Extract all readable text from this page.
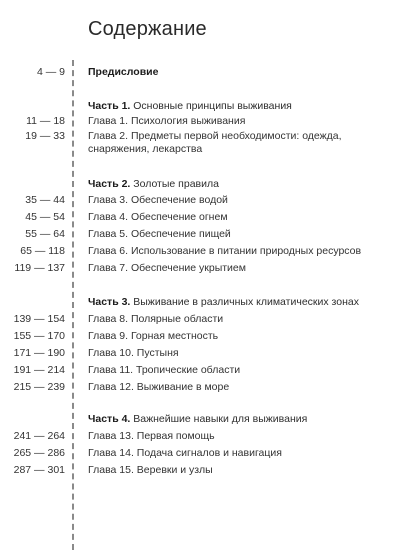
Содержание
4 — 9 Предисловие
Часть 1. Основные принципы выживания
11 — 18 Глава 1. Психология выживания
19 — 33 Глава 2. Предметы первой необходимости: одежда, снаряжения, лекарства
Часть 2. Золотые правила
35 — 44 Глава 3. Обеспечение водой
45 — 54 Глава 4. Обеспечение огнем
55 — 64 Глава 5. Обеспечение пищей
65 — 118 Глава 6. Использование в питании природных ресурсов
119 — 137 Глава 7. Обеспечение укрытием
Часть 3. Выживание в различных климатических зонах
139 — 154 Глава 8. Полярные области
155 — 170 Глава 9. Горная местность
171 — 190 Глава 10. Пустыня
191 — 214 Глава 11. Тропические области
215 — 239 Глава 12. Выживание в море
Часть 4. Важнейшие навыки для выживания
241 — 264 Глава 13. Первая помощь
265 — 286 Глава 14. Подача сигналов и навигация
287 — 301 Глава 15. Веревки и узлы
